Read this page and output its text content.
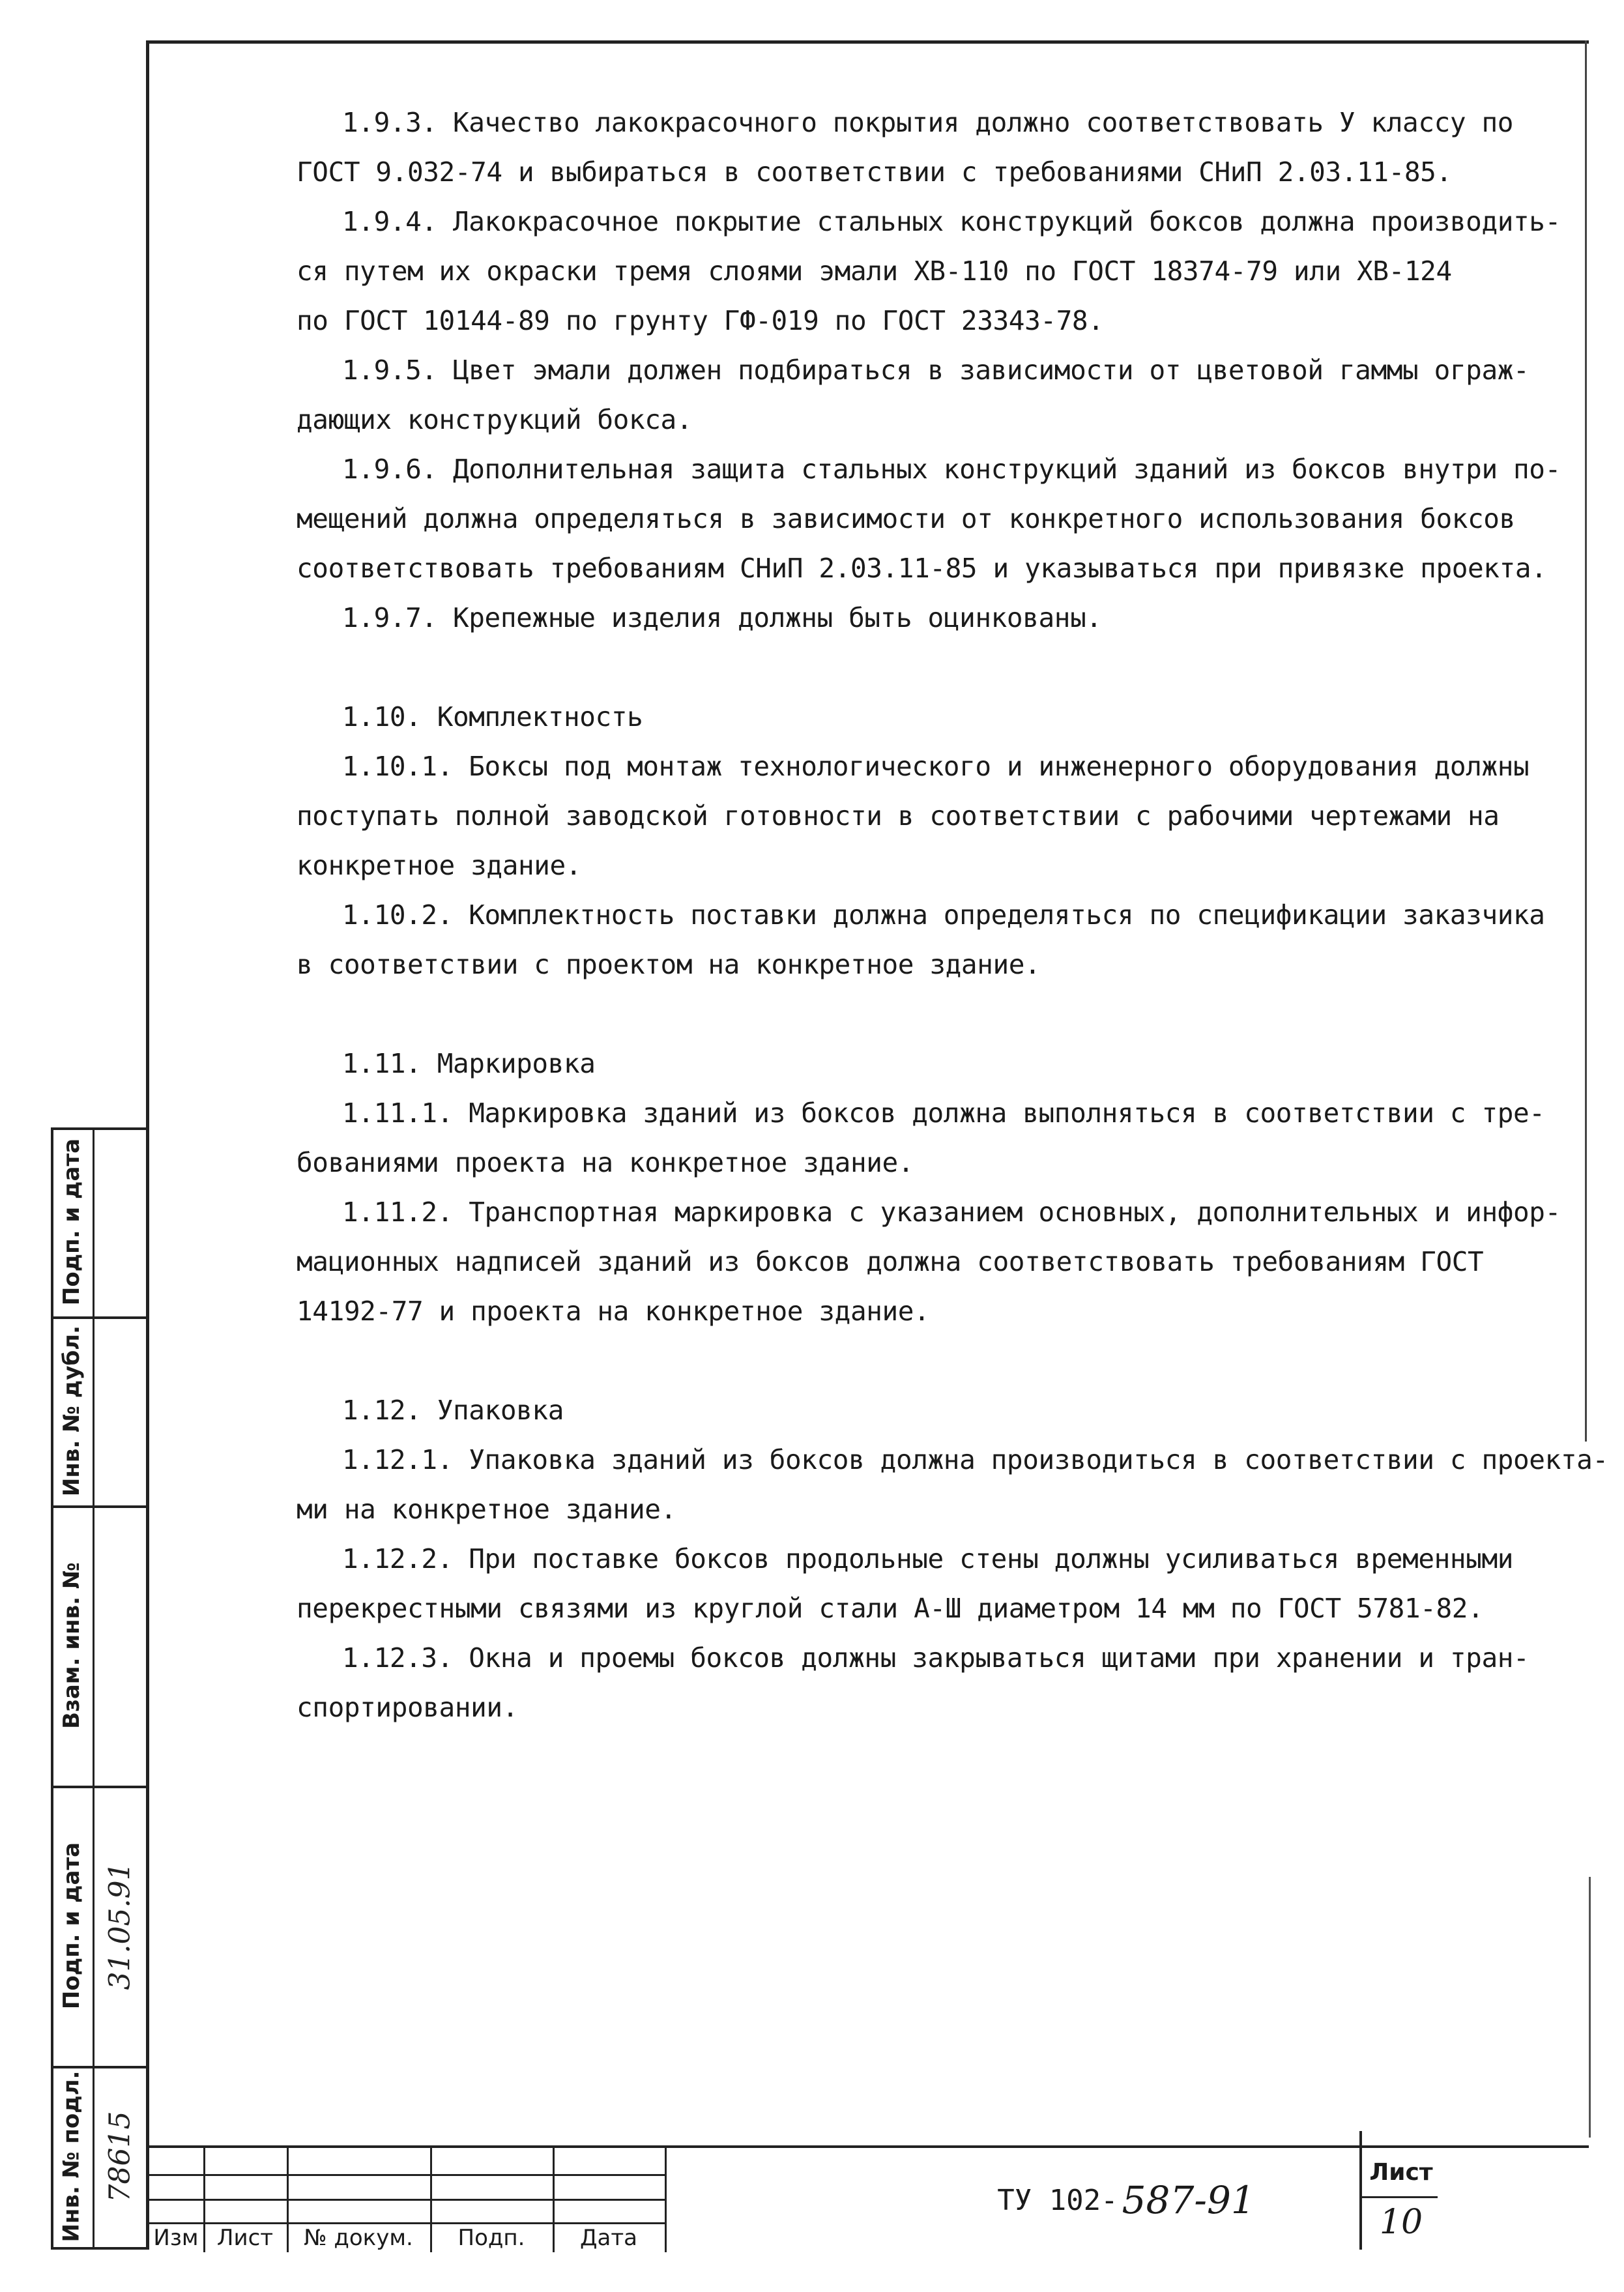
1.9.3. Качество лакокрасочного покрытия должно соответствовать У классу по
ГОСТ 9.032-74 и выбираться в соответствии с требованиями СНиП 2.03.11-85.
1.9.4. Лакокрасочное покрытие стальных конструкций боксов должна производить-
ся путем их окраски тремя слоями эмали ХВ-110 по ГОСТ 18374-79 или ХВ-124
по ГОСТ 10144-89 по грунту ГФ-019 по ГОСТ 23343-78.
1.9.5. Цвет эмали должен подбираться в зависимости от цветовой гаммы ограж-
дающих конструкций бокса.
1.9.6. Дополнительная защита стальных конструкций зданий из боксов внутри по-
мещений должна определяться в зависимости от конкретного использования боксов
соответствовать требованиям СНиП 2.03.11-85 и указываться при привязке проекта.
1.9.7. Крепежные изделия должны быть оцинкованы.
1.10. Комплектность
1.10.1. Боксы под монтаж технологического и инженерного оборудования должны
поступать полной заводской готовности в соответствии с рабочими чертежами на
конкретное здание.
1.10.2. Комплектность поставки должна определяться по спецификации заказчика
в соответствии с проектом на конкретное здание.
1.11. Маркировка
1.11.1. Маркировка зданий из боксов должна выполняться в соответствии с тре-
бованиями проекта на конкретное здание.
1.11.2. Транспортная маркировка с указанием основных, дополнительных и инфор-
мационных надписей зданий из боксов должна соответствовать требованиям ГОСТ
14192-77 и проекта на конкретное здание.
1.12. Упаковка
1.12.1. Упаковка зданий из боксов должна производиться в соответствии с проекта-
ми на конкретное здание.
1.12.2. При поставке боксов продольные стены должны усиливаться временными
перекрестными связями из круглой стали А-Ш диаметром 14 мм по ГОСТ 5781-82.
1.12.3. Окна и проемы боксов должны закрываться щитами при хранении и тран-
спортировании.
Подп. и дата
Инв. № дубл.
Взам. инв. №
Подп. и дата
Инв. № подл.
31.05.91
78615
Изм Лист	№ докум.	Подп.	Дата
ТУ 102- 587-91
Лист
10
